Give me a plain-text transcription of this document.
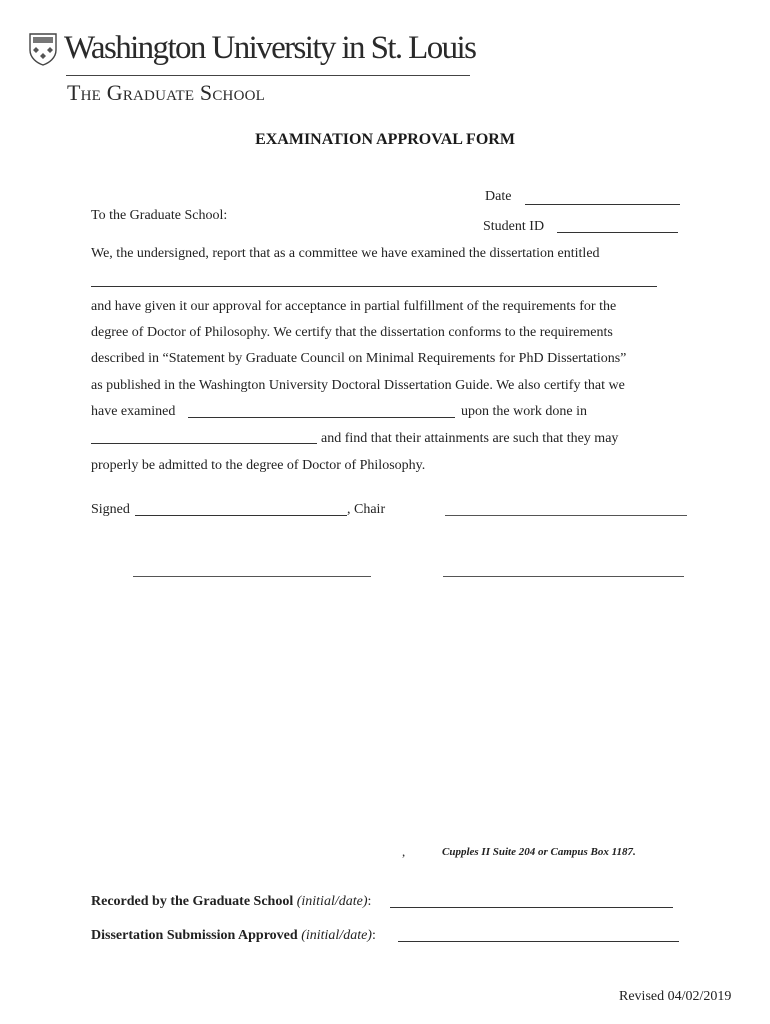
Washington University in St. Louis
The Graduate School
EXAMINATION APPROVAL FORM
Date
To the Graduate School:
Student ID
We, the undersigned, report that as a committee we have examined the dissertation entitled
and have given it our approval for acceptance in partial fulfillment of the requirements for the
degree of Doctor of Philosophy. We certify that the dissertation conforms to the requirements
described in “Statement by Graduate Council on Minimal Requirements for PhD Dissertations”
as published in the Washington University Doctoral Dissertation Guide. We also certify that we
have examined	upon the work done in
and find that their attainments are such that they may
properly be admitted to the degree of Doctor of Philosophy.
Signed	, Chair
,	Cupples II Suite 204 or Campus Box 1187.
Recorded by the Graduate School (initial/date):
Dissertation Submission Approved (initial/date):
Revised 04/02/2019
